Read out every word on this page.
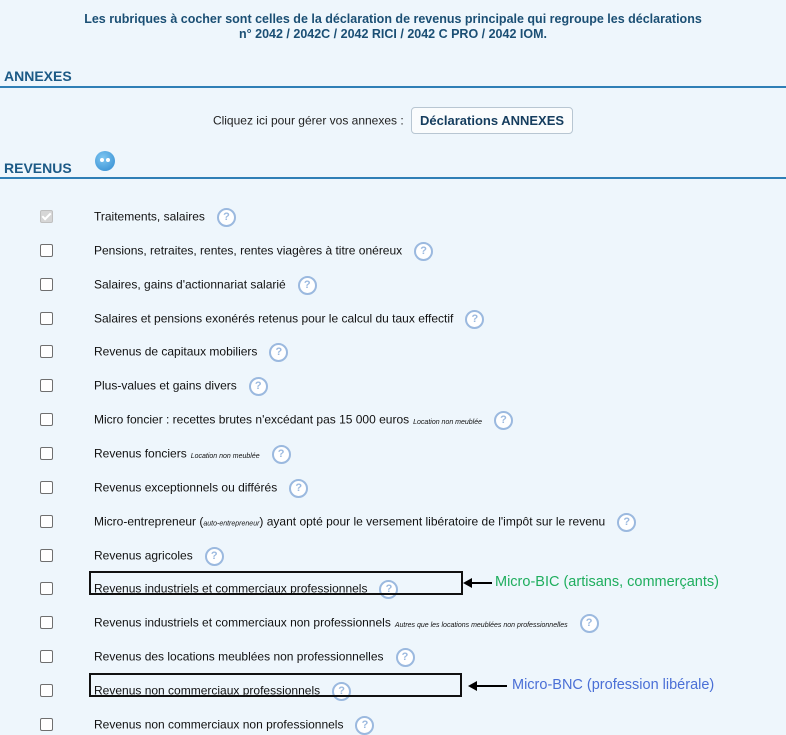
Les rubriques à cocher sont celles de la déclaration de revenus principale qui regroupe les déclarations
n° 2042 / 2042C / 2042 RICI / 2042 C PRO / 2042 IOM.
ANNEXES
Cliquez ici pour gérer vos annexes : Déclarations ANNEXES
REVENUS
Traitements, salaires ?
Pensions, retraites, rentes, rentes viagères à titre onéreux ?
Salaires, gains d'actionnariat salarié ?
Salaires et pensions exonérés retenus pour le calcul du taux effectif ?
Revenus de capitaux mobiliers ?
Plus-values et gains divers ?
Micro foncier : recettes brutes n'excédant pas 15 000 euros Location non meublée ?
Revenus fonciers Location non meublée ?
Revenus exceptionnels ou différés ?
Micro-entrepreneur (auto-entrepreneur) ayant opté pour le versement libératoire de l'impôt sur le revenu ?
Revenus agricoles ?
Revenus industriels et commerciaux professionnels ?
Revenus industriels et commerciaux non professionnels Autres que les locations meublées non professionnelles ?
Revenus des locations meublées non professionnelles ?
Revenus non commerciaux professionnels ?
Revenus non commerciaux non professionnels ?
Micro-BIC (artisans, commerçants)
Micro-BNC (profession libérale)
